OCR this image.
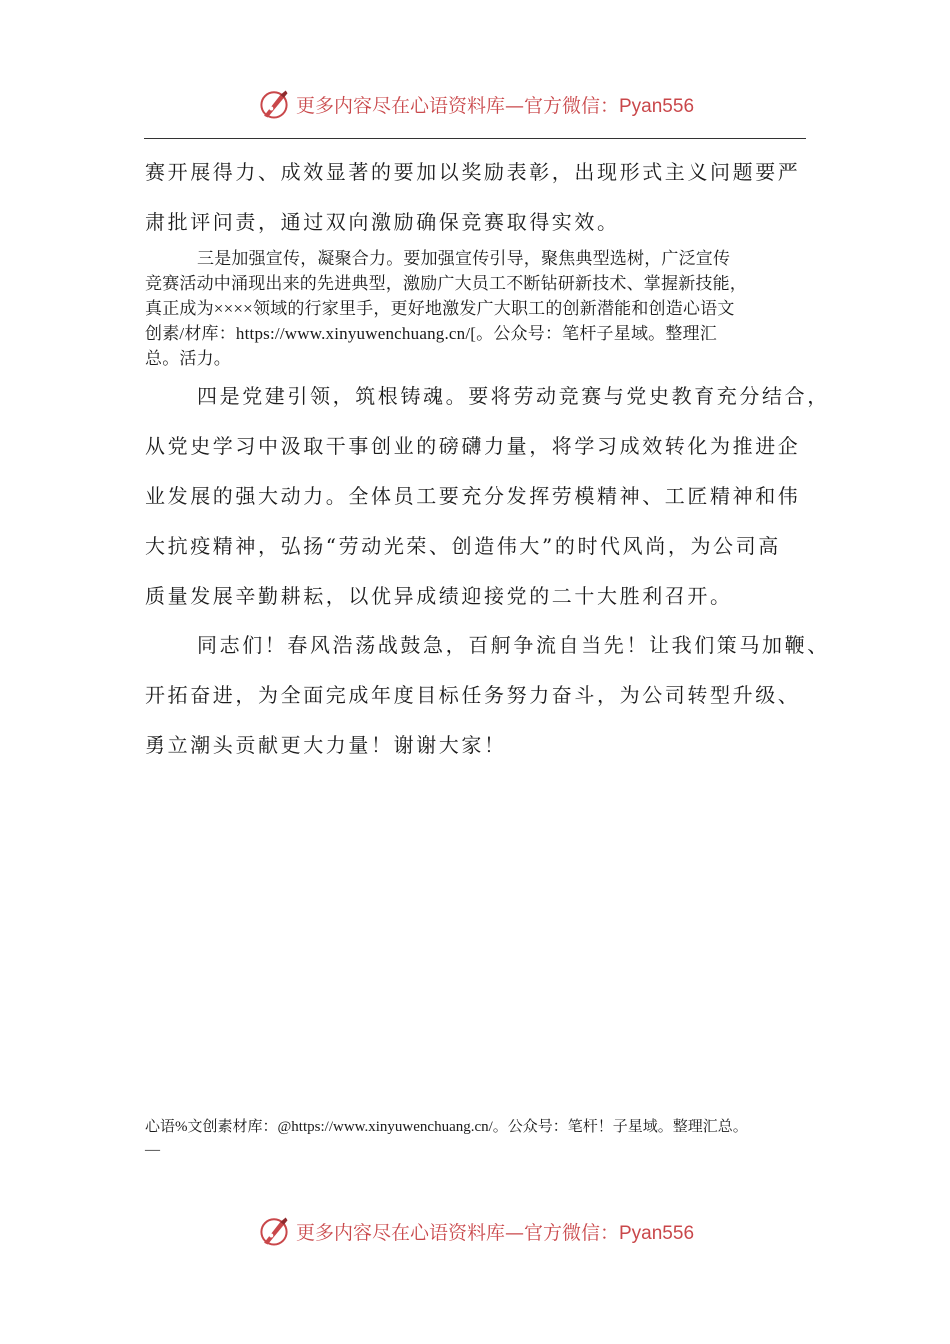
更多内容尽在心语资料库—官方微信：Pyan556
赛开展得力、成效显著的要加以奖励表彰，出现形式主义问题要严
肃批评问责，通过双向激励确保竞赛取得实效。
三是加强宣传，凝聚合力。要加强宣传引导，聚焦典型选树，广泛宣传
竞赛活动中涌现出来的先进典型，激励广大员工不断钻研新技术、掌握新技能，
真正成为××××领域的行家里手，更好地激发广大职工的创新潜能和创造心语文
创素/材库：https://www.xinyuwenchuang.cn/[。公众号：笔杆子星域。整理汇
总。活力。
四是党建引领，筑根铸魂。要将劳动竞赛与党史教育充分结合，
从党史学习中汲取干事创业的磅礴力量，将学习成效转化为推进企
业发展的强大动力。全体员工要充分发挥劳模精神、工匠精神和伟
大抗疫精神，弘扬“劳动光荣、创造伟大”的时代风尚，为公司高
质量发展辛勤耕耘，以优异成绩迎接党的二十大胜利召开。
同志们！春风浩荡战鼓急，百舸争流自当先！让我们策马加鞭、
开拓奋进，为全面完成年度目标任务努力奋斗，为公司转型升级、
勇立潮头贡献更大力量！谢谢大家！
心语%文创素材库：@https://www.xinyuwenchuang.cn/。公众号：笔杆！子星域。整理汇总。
—
更多内容尽在心语资料库—官方微信：Pyan556
